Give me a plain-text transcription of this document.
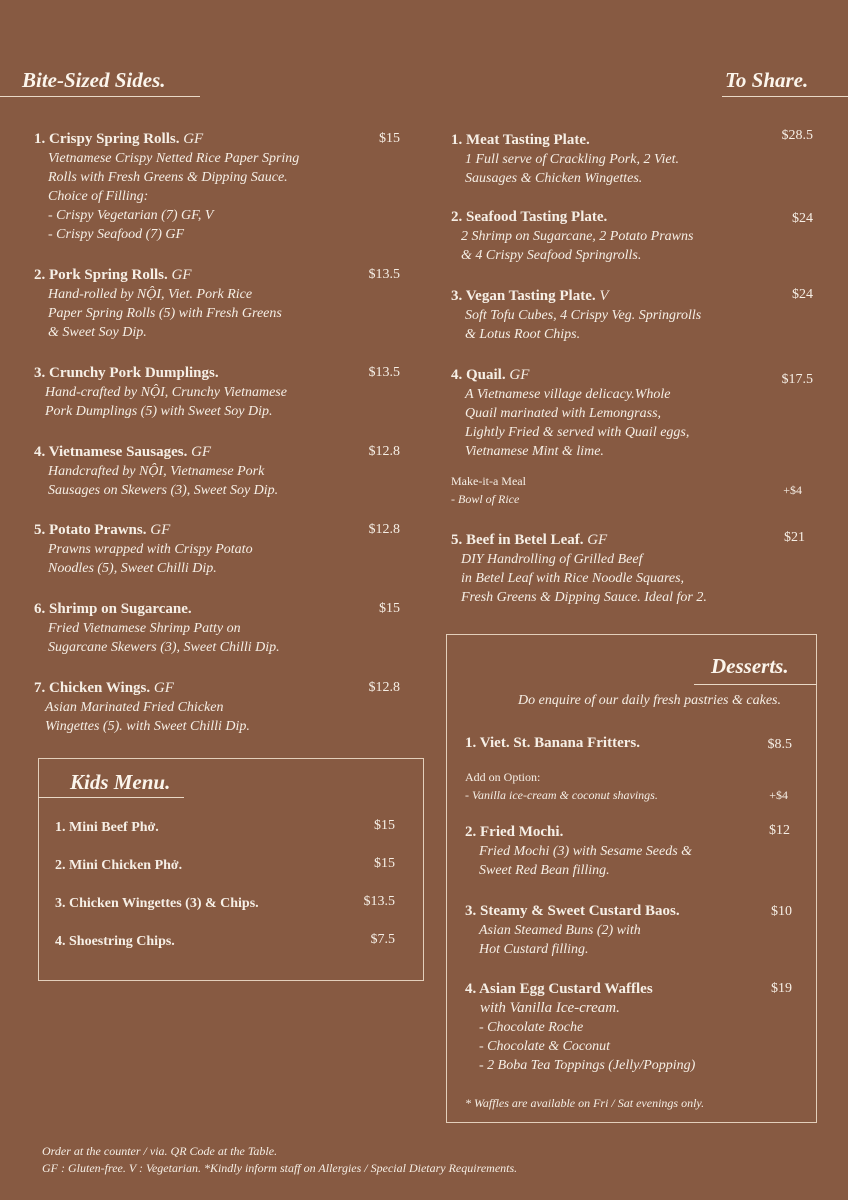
Bite-Sized Sides.
1. Crispy Spring Rolls. GF
Vietnamese Crispy Netted Rice Paper Spring
Rolls with Fresh Greens & Dipping Sauce.
Choice of Filling:
- Crispy Vegetarian (7) GF, V
- Crispy Seafood (7) GF
$15
2. Pork Spring Rolls. GF
Hand-rolled by NỘI, Viet. Pork Rice
Paper Spring Rolls (5) with Fresh Greens
& Sweet Soy Dip.
$13.5
3. Crunchy Pork Dumplings.
Hand-crafted by NỘI, Crunchy Vietnamese
Pork Dumplings (5) with Sweet Soy Dip.
$13.5
4. Vietnamese Sausages. GF
Handcrafted by NỘI, Vietnamese Pork
Sausages on Skewers (3), Sweet Soy Dip.
$12.8
5. Potato Prawns. GF
Prawns wrapped with Crispy Potato
Noodles (5), Sweet Chilli Dip.
$12.8
6. Shrimp on Sugarcane.
Fried Vietnamese Shrimp Patty on
Sugarcane Skewers (3), Sweet Chilli Dip.
$15
7. Chicken Wings. GF
Asian Marinated Fried Chicken
Wingettes (5). with Sweet Chilli Dip.
$12.8
Kids Menu.
1. Mini Beef Phở.	$15
2. Mini Chicken Phở.	$15
3. Chicken Wingettes (3) & Chips.	$13.5
4. Shoestring Chips.	$7.5
To Share.
1. Meat Tasting Plate.
1 Full serve of Crackling Pork, 2 Viet.
Sausages & Chicken Wingettes.
$28.5
2. Seafood Tasting Plate.
2 Shrimp on Sugarcane, 2 Potato Prawns
& 4 Crispy Seafood Springrolls.
$24
3. Vegan Tasting Plate. V
Soft Tofu Cubes, 4 Crispy Veg. Springrolls
& Lotus Root Chips.
$24
4. Quail. GF
A Vietnamese village delicacy.Whole
Quail marinated with Lemongrass,
Lightly Fried & served with Quail eggs,
Vietnamese Mint & lime.
$17.5
5. Beef in Betel Leaf. GF
DIY Handrolling of Grilled Beef
in Betel Leaf with Rice Noodle Squares,
Fresh Greens & Dipping Sauce. Ideal for 2.
$21
Make-it-a Meal
- Bowl of Rice
+$4
Desserts.
Do enquire of our daily fresh pastries & cakes.
1. Viet. St. Banana Fritters.	$8.5
2. Fried Mochi.
Fried Mochi (3) with Sesame Seeds &
Sweet Red Bean filling.
$12
3. Steamy & Sweet Custard Baos.
Asian Steamed Buns (2) with
Hot Custard filling.
$10
4. Asian Egg Custard Waffles
with Vanilla Ice-cream.
- Chocolate Roche
- Chocolate & Coconut
- 2 Boba Tea Toppings (Jelly/Popping)
$19
Add on Option:
- Vanilla ice-cream & coconut shavings.	+$4
* Waffles are available on Fri / Sat evenings only.
Order at the counter / via. QR Code at the Table.
GF : Gluten-free. V : Vegetarian. *Kindly inform staff on Allergies / Special Dietary Requirements.
